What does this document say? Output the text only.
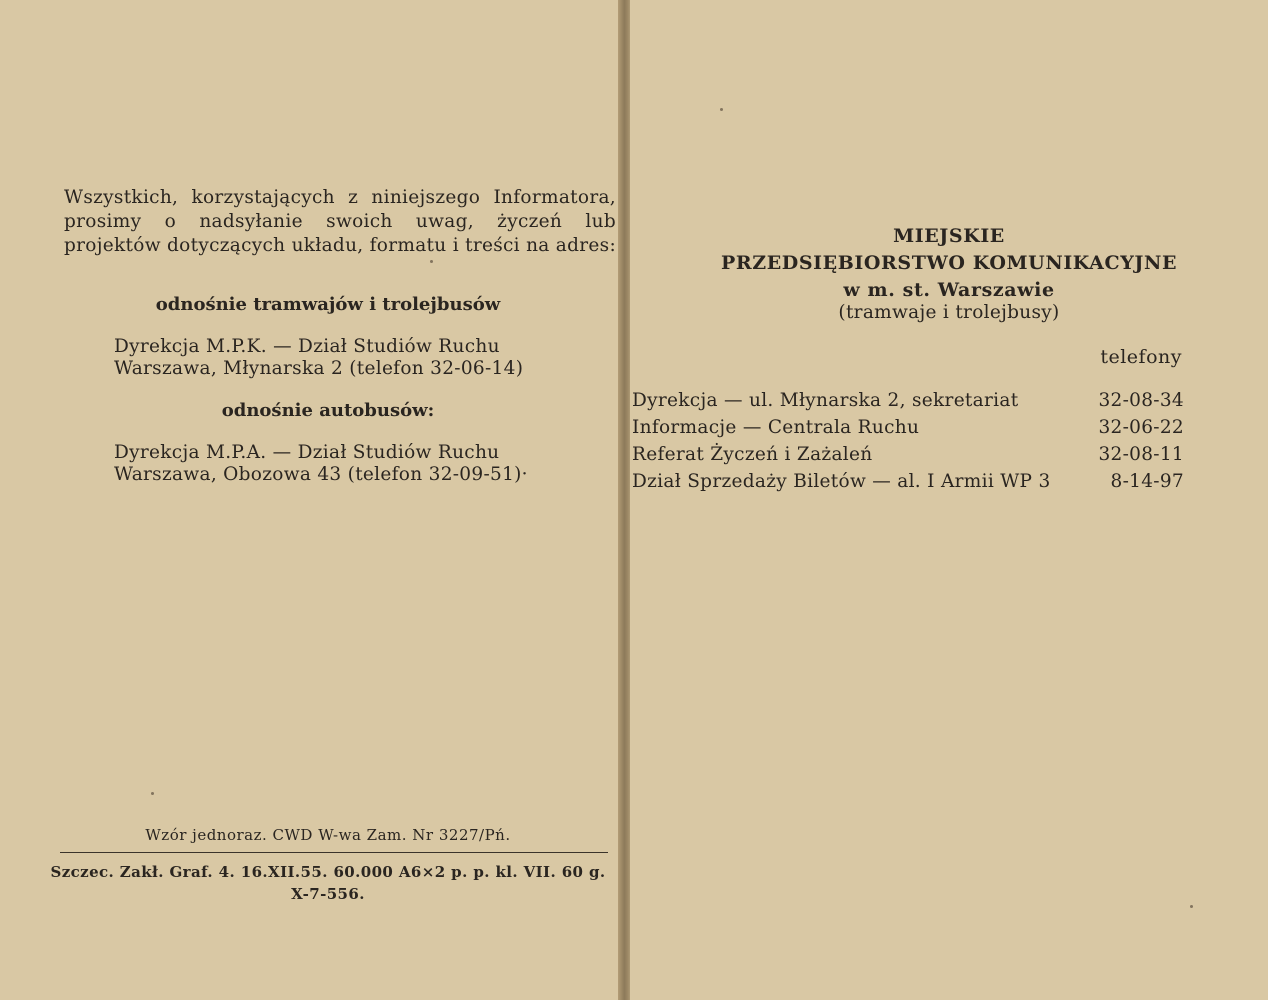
Wszystkich, korzystających z niniejszego Informatora, prosimy o nadsyłanie swoich uwag, życzeń lub projektów dotyczących układu, formatu i treści na adres:
odnośnie tramwajów i trolejbusów
Dyrekcja M.P.K. — Dział Studiów Ruchu
Warszawa, Młynarska 2 (telefon 32-06-14)
odnośnie autobusów:
Dyrekcja M.P.A. — Dział Studiów Ruchu
Warszawa, Obozowa 43 (telefon 32-09-51)·
Wzór jednoraz. CWD W-wa Zam. Nr 3227/Pń.
Szczec. Zakł. Graf. 4. 16.XII.55. 60.000 A6×2 p. p. kl. VII. 60 g.
X-7-556.
MIEJSKIE
PRZEDSIĘBIORSTWO KOMUNIKACYJNE
w m. st. Warszawie
(tramwaje i trolejbusy)
telefony
Dyrekcja — ul. Młynarska 2, sekretariat	32-08-34
Informacje — Centrala Ruchu	32-06-22
Referat Życzeń i Zażaleń	32-08-11
Dział Sprzedaży Biletów — al. I Armii WP 3	8-14-97
